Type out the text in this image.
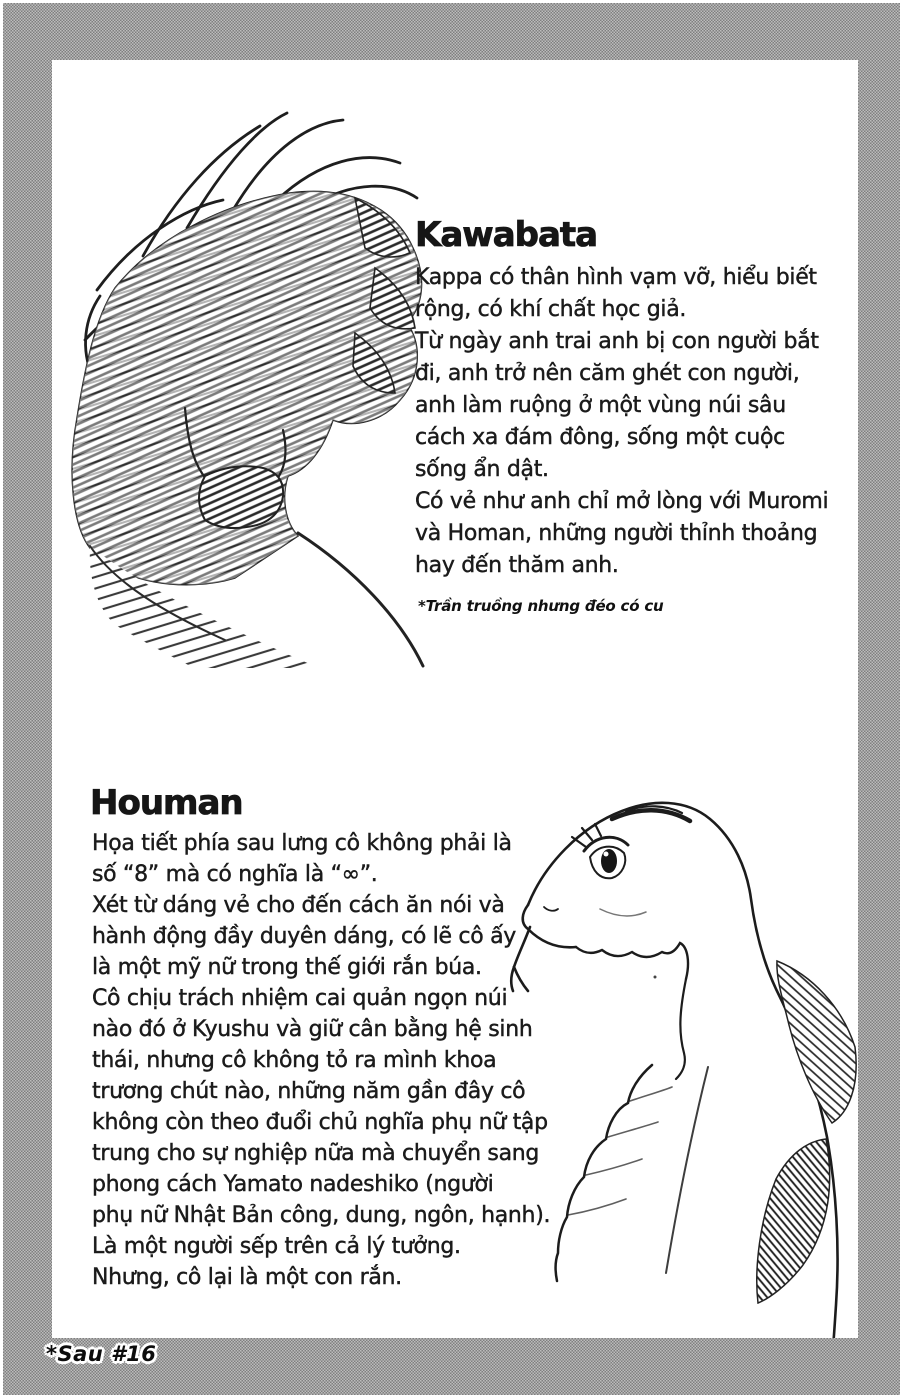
Kawabata
Kappa có thân hình vạm vỡ, hiểu biết
rộng, có khí chất học giả.
Từ ngày anh trai anh bị con người bắt
đi, anh trở nên căm ghét con người,
anh làm ruộng ở một vùng núi sâu
cách xa đám đông, sống một cuộc
sống ẩn dật.
Có vẻ như anh chỉ mở lòng với Muromi
và Homan, những người thỉnh thoảng
hay đến thăm anh.
*Trần truồng nhưng đéo có cu
Houman
Họa tiết phía sau lưng cô không phải là
số “8” mà có nghĩa là “∞”.
Xét từ dáng vẻ cho đến cách ăn nói và
hành động đầy duyên dáng, có lẽ cô ấy
là một mỹ nữ trong thế giới rắn búa.
Cô chịu trách nhiệm cai quản ngọn núi
nào đó ở Kyushu và giữ cân bằng hệ sinh
thái, nhưng cô không tỏ ra mình khoa
trương chút nào, những năm gần đây cô
không còn theo đuổi chủ nghĩa phụ nữ tập
trung cho sự nghiệp nữa mà chuyển sang
phong cách Yamato nadeshiko (người
phụ nữ Nhật Bản công, dung, ngôn, hạnh).
Là một người sếp trên cả lý tưởng.
Nhưng, cô lại là một con rắn.
*Sau #16
